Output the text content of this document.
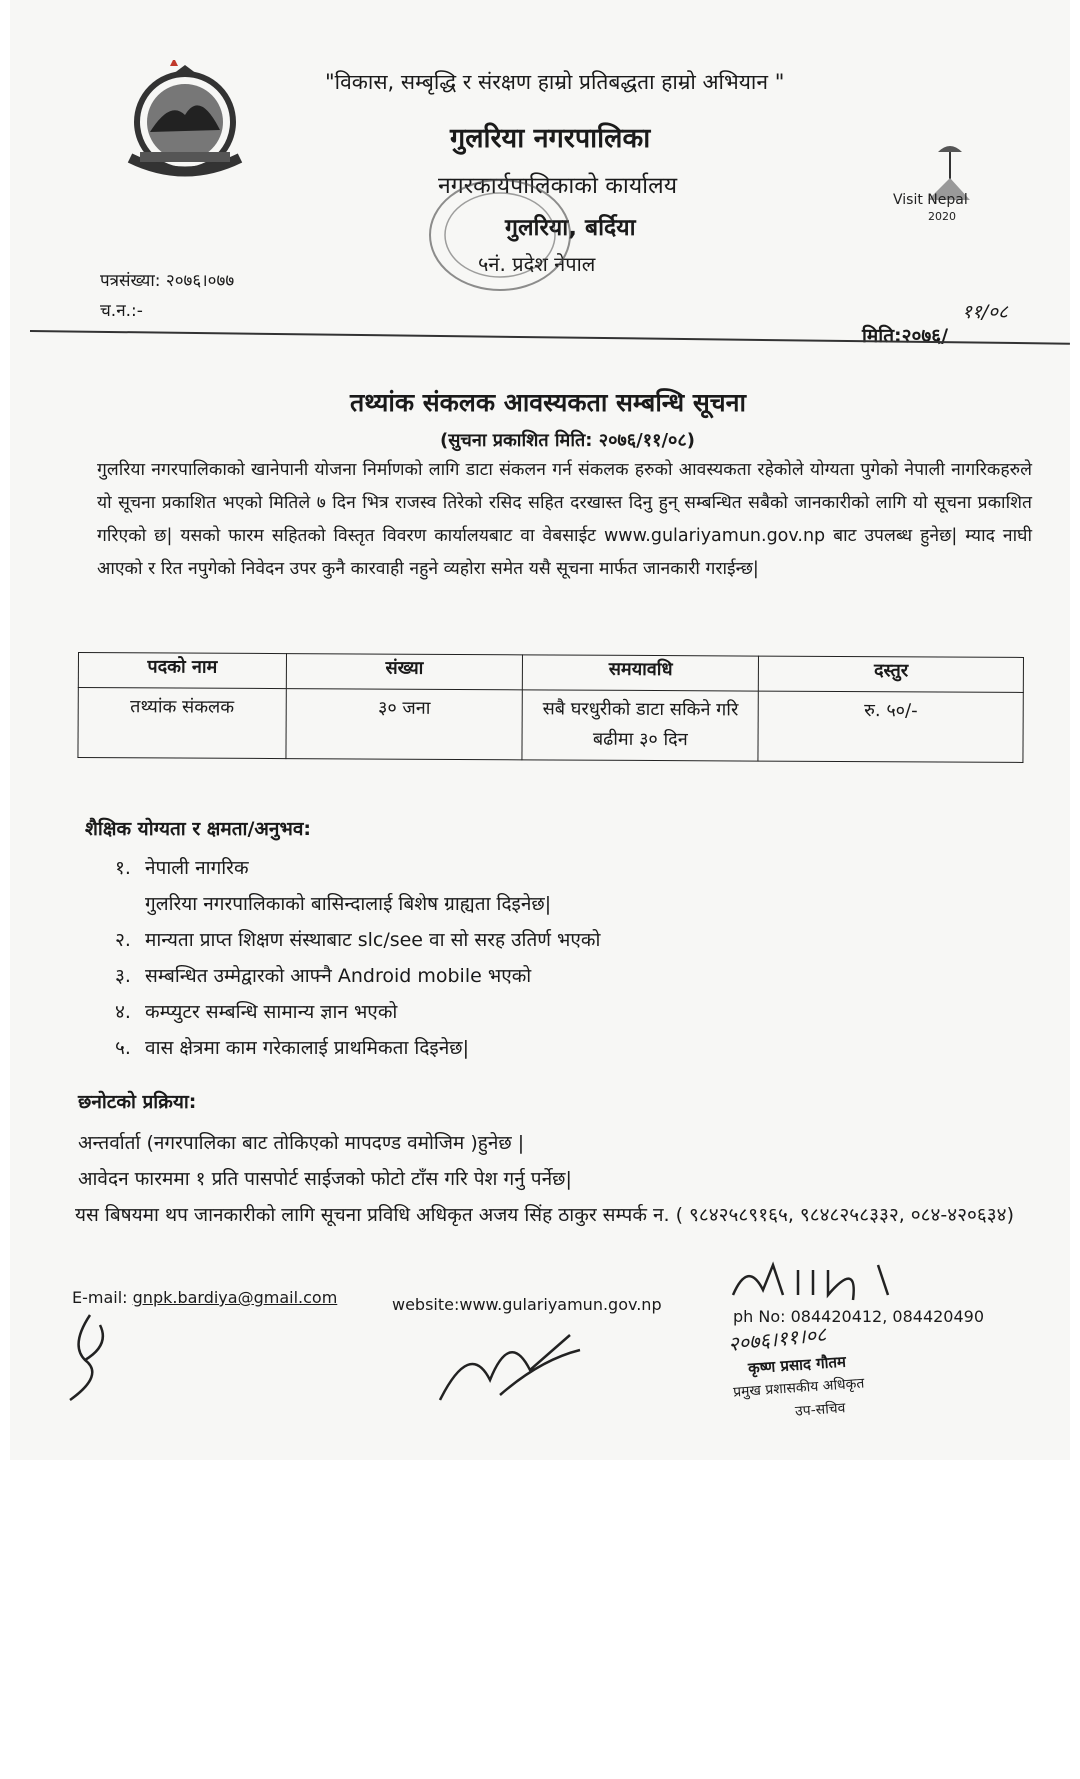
Visit Nepal
2020
"विकास, सम्बृद्धि र संरक्षण हाम्रो प्रतिबद्धता हाम्रो अभियान "
गुलरिया नगरपालिका
नगरकार्यपालिकाको कार्यालय
गुलरिया, बर्दिया
५नं. प्रदेश नेपाल
पत्रसंख्या: २०७६।०७७
च.न.:-	११/०८
मिति:२०७६/
तथ्यांक संकलक आवस्यकता सम्बन्धि सूचना
(सुचना प्रकाशित मिति: २०७६/११/०८)
गुलरिया नगरपालिकाको खानेपानी योजना निर्माणको लागि डाटा संकलन गर्न संकलक हरुको आवस्यकता रहेकोले योग्यता पुगेको नेपाली नागरिकहरुले यो सूचना प्रकाशित भएको मितिले ७ दिन भित्र राजस्व तिरेको रसिद सहित दरखास्त दिनु हुन् सम्बन्धित सबैको जानकारीको लागि यो सूचना प्रकाशित गरिएको छ| यसको फारम सहितको विस्तृत विवरण कार्यालयबाट वा वेबसाईट www.gulariyamun.gov.np बाट उपलब्ध हुनेछ| म्याद नाघी आएको र रित नपुगेको निवेदन उपर कुनै कारवाही नहुने व्यहोरा समेत यसै सूचना मार्फत जानकारी गराईन्छ|
पदको नाम	संख्या	समयावधि	दस्तुर
तथ्यांक संकलक	३० जना	सबै घरधुरीको डाटा सकिने गरि बढीमा ३० दिन	रु. ५०/-
शैक्षिक योग्यता र क्षमता/अनुभव:
१. नेपाली नागरिक
गुलरिया नगरपालिकाको बासिन्दालाई बिशेष ग्राह्यता दिइनेछ|
२. मान्यता प्राप्त शिक्षण संस्थाबाट slc/see वा सो सरह उतिर्ण भएको
३. सम्बन्धित उम्मेद्वारको आफ्नै Android mobile भएको
४. कम्प्युटर सम्बन्धि सामान्य ज्ञान भएको
५. वास क्षेत्रमा काम गरेकालाई प्राथमिकता दिइनेछ|
छनोटको प्रक्रिया:
अन्तर्वार्ता (नगरपालिका बाट तोकिएको मापदण्ड वमोजिम )हुनेछ |
आवेदन फारममा १ प्रति पासपोर्ट साईजको फोटो टाँस गरि पेश गर्नु पर्नेछ|
यस बिषयमा थप जानकारीको लागि सूचना प्रविधि अधिकृत अजय सिंह ठाकुर सम्पर्क न. ( ९८४२५८९१६५, ९८४८२५८३३२, ०८४-४२०६३४)
E-mail: gnpk.bardiya@gmail.com	website:www.gulariyamun.gov.np
ph No: 084420412, 084420490
२०७६।११।०८
कृष्ण प्रसाद गौतम
प्रमुख प्रशासकीय अधिकृत
उप-सचिव
